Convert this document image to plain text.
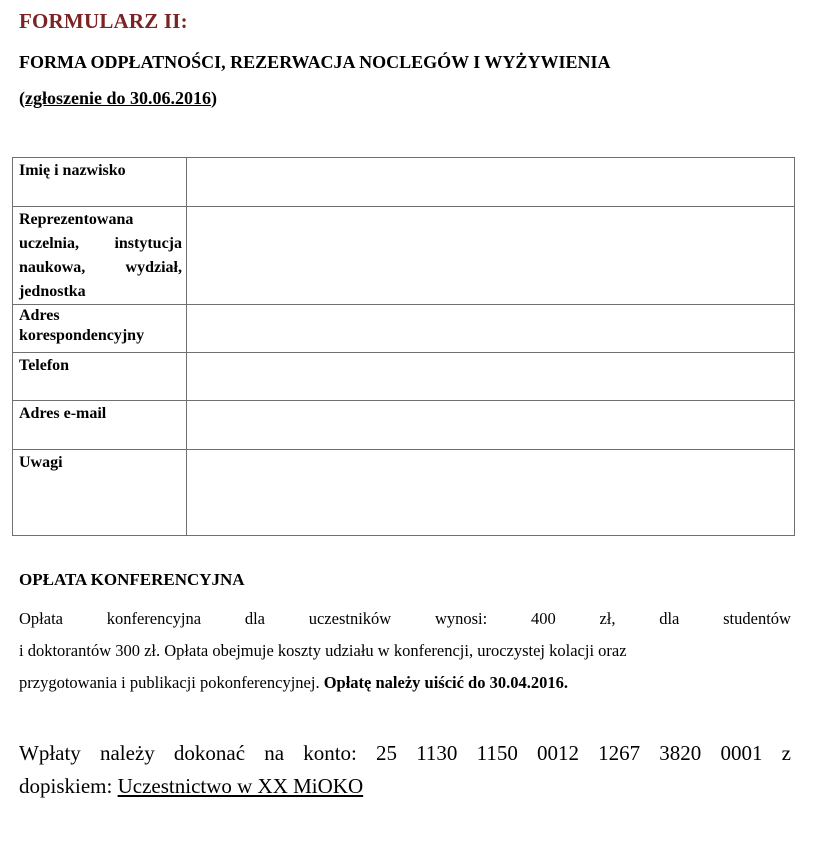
FORMULARZ II:
FORMA ODPŁATNOŚCI, REZERWACJA NOCLEGÓW I WYŻYWIENIA
(zgłoszenie do 30.06.2016)
Imię i nazwisko	
Reprezentowana uczelnia, instytucja naukowa, wydział, jednostka	
Adres korespondencyjny	
Telefon	
Adres e-mail	
Uwagi	
OPŁATA KONFERENCYJNA
Opłata	konferencyjna	dla	uczestników	wynosi:	400	zł,	dla	studentów
i doktorantów 300 zł. Opłata obejmuje koszty udziału w konferencji, uroczystej kolacji oraz
przygotowania i publikacji pokonferencyjnej. Opłatę należy uiścić do 30.04.2016.
Wpłaty należy dokonać na konto: 25 1130 1150 0012 1267 3820 0001 z
dopiskiem: Uczestnictwo w XX MiOKO
